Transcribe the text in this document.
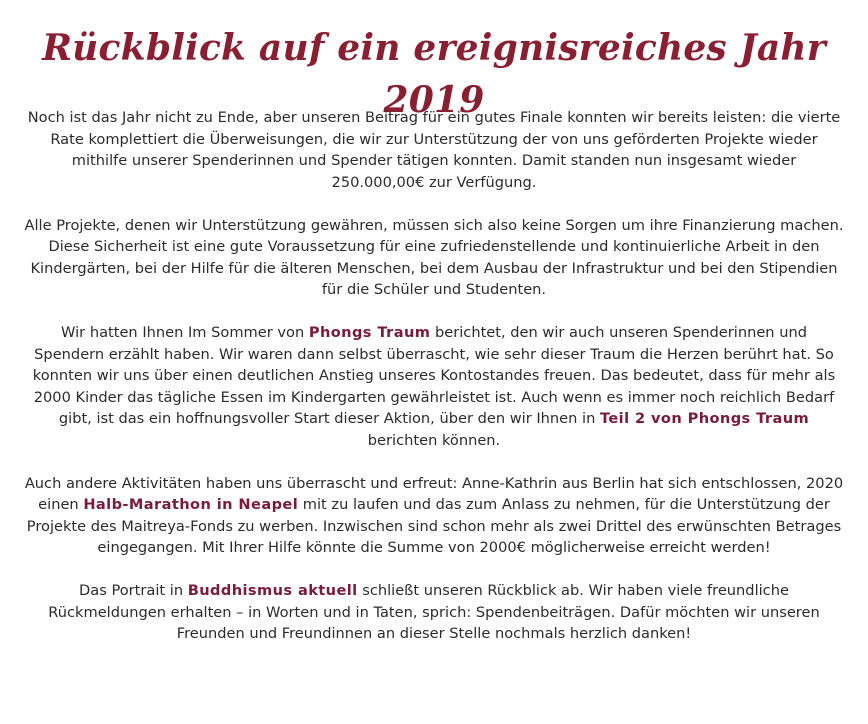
Rückblick auf ein ereignisreiches Jahr 2019

Noch ist das Jahr nicht zu Ende, aber unseren Beitrag für ein gutes Finale konnten wir bereits leisten: die vierte Rate komplettiert die Überweisungen, die wir zur Unterstützung der von uns geförderten Projekte wieder mithilfe unserer Spenderinnen und Spender tätigen konnten. Damit standen nun insgesamt wieder 250.000,00€ zur Verfügung.

Alle Projekte, denen wir Unterstützung gewähren, müssen sich also keine Sorgen um ihre Finanzierung machen. Diese Sicherheit ist eine gute Voraussetzung für eine zufriedenstellende und kontinuierliche Arbeit in den Kindergärten, bei der Hilfe für die älteren Menschen, bei dem Ausbau der Infrastruktur und bei den Stipendien für die Schüler und Studenten.

Wir hatten Ihnen Im Sommer von Phongs Traum berichtet, den wir auch unseren Spenderinnen und Spendern erzählt haben. Wir waren dann selbst überrascht, wie sehr dieser Traum die Herzen berührt hat. So konnten wir uns über einen deutlichen Anstieg unseres Kontostandes freuen. Das bedeutet, dass für mehr als 2000 Kinder das tägliche Essen im Kindergarten gewährleistet ist. Auch wenn es immer noch reichlich Bedarf gibt, ist das ein hoffnungsvoller Start dieser Aktion, über den wir Ihnen in Teil 2 von Phongs Traum berichten können.

Auch andere Aktivitäten haben uns überrascht und erfreut: Anne-Kathrin aus Berlin hat sich entschlossen, 2020 einen Halb-Marathon in Neapel mit zu laufen und das zum Anlass zu nehmen, für die Unterstützung der Projekte des Maitreya-Fonds zu werben. Inzwischen sind schon mehr als zwei Drittel des erwünschten Betrages eingegangen. Mit Ihrer Hilfe könnte die Summe von 2000€ möglicherweise erreicht werden!

Das Portrait in Buddhismus aktuell schließt unseren Rückblick ab. Wir haben viele freundliche Rückmeldungen erhalten – in Worten und in Taten, sprich: Spendenbeiträgen. Dafür möchten wir unseren Freunden und Freundinnen an dieser Stelle nochmals herzlich danken!
